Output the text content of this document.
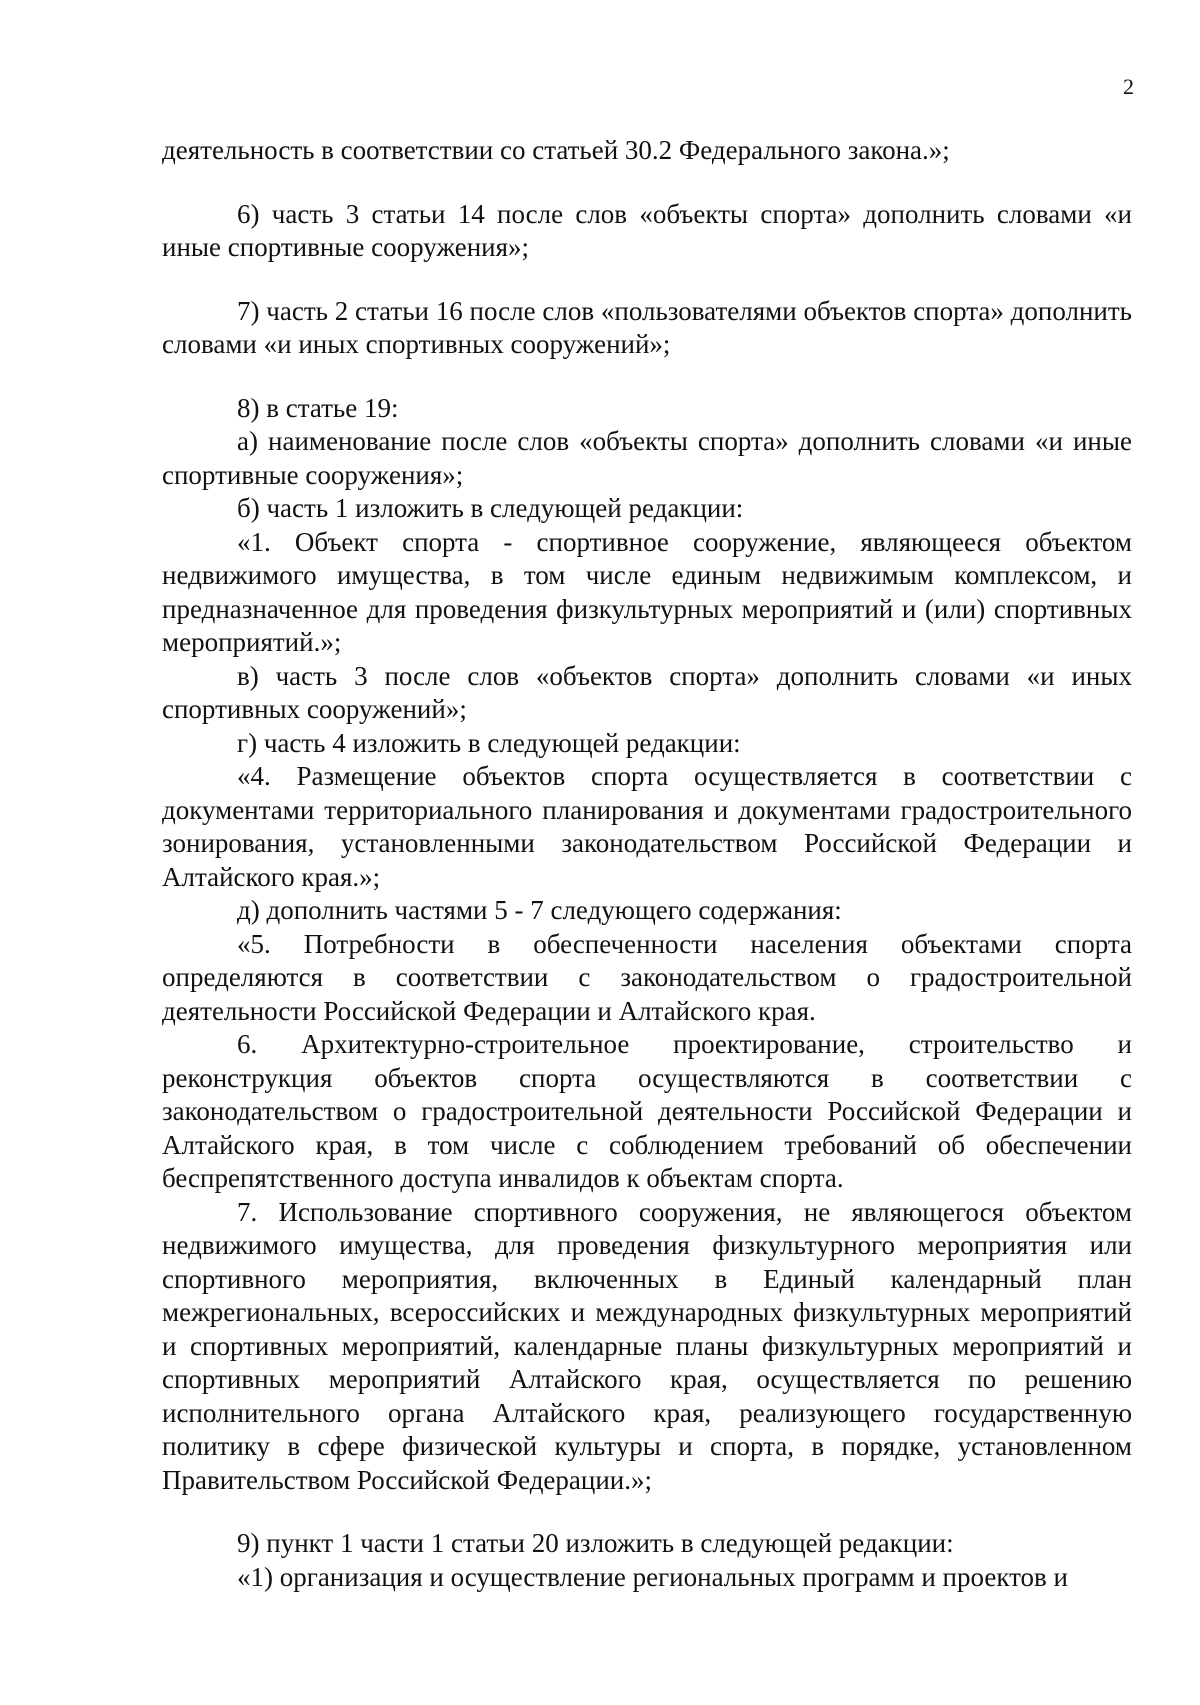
2

деятельность в соответствии со статьей 30.2 Федерального закона.»;

6) часть 3 статьи 14 после слов «объекты спорта» дополнить словами «и иные спортивные сооружения»;

7) часть 2 статьи 16 после слов «пользователями объектов спорта» дополнить словами «и иных спортивных сооружений»;

8) в статье 19:

а) наименование после слов «объекты спорта» дополнить словами «и иные спортивные сооружения»;

б) часть 1 изложить в следующей редакции:

«1. Объект спорта - спортивное сооружение, являющееся объектом недвижимого имущества, в том числе единым недвижимым комплексом, и предназначенное для проведения физкультурных мероприятий и (или) спортивных мероприятий.»;

в) часть 3 после слов «объектов спорта» дополнить словами «и иных спортивных сооружений»;

г) часть 4 изложить в следующей редакции:

«4. Размещение объектов спорта осуществляется в соответствии с документами территориального планирования и документами градостроительного зонирования, установленными законодательством Российской Федерации и Алтайского края.»;

д) дополнить частями 5 - 7 следующего содержания:

«5. Потребности в обеспеченности населения объектами спорта определяются в соответствии с законодательством о градостроительной деятельности Российской Федерации и Алтайского края.

6. Архитектурно-строительное проектирование, строительство и реконструкция объектов спорта осуществляются в соответствии с законодательством о градостроительной деятельности Российской Федерации и Алтайского края, в том числе с соблюдением требований об обеспечении беспрепятственного доступа инвалидов к объектам спорта.

7. Использование спортивного сооружения, не являющегося объектом недвижимого имущества, для проведения физкультурного мероприятия или спортивного мероприятия, включенных в Единый календарный план межрегиональных, всероссийских и международных физкультурных мероприятий и спортивных мероприятий, календарные планы физкультурных мероприятий и спортивных мероприятий Алтайского края, осуществляется по решению исполнительного органа Алтайского края, реализующего государственную политику в сфере физической культуры и спорта, в порядке, установленном Правительством Российской Федерации.»;

9) пункт 1 части 1 статьи 20 изложить в следующей редакции:

«1) организация и осуществление региональных программ и проектов и
